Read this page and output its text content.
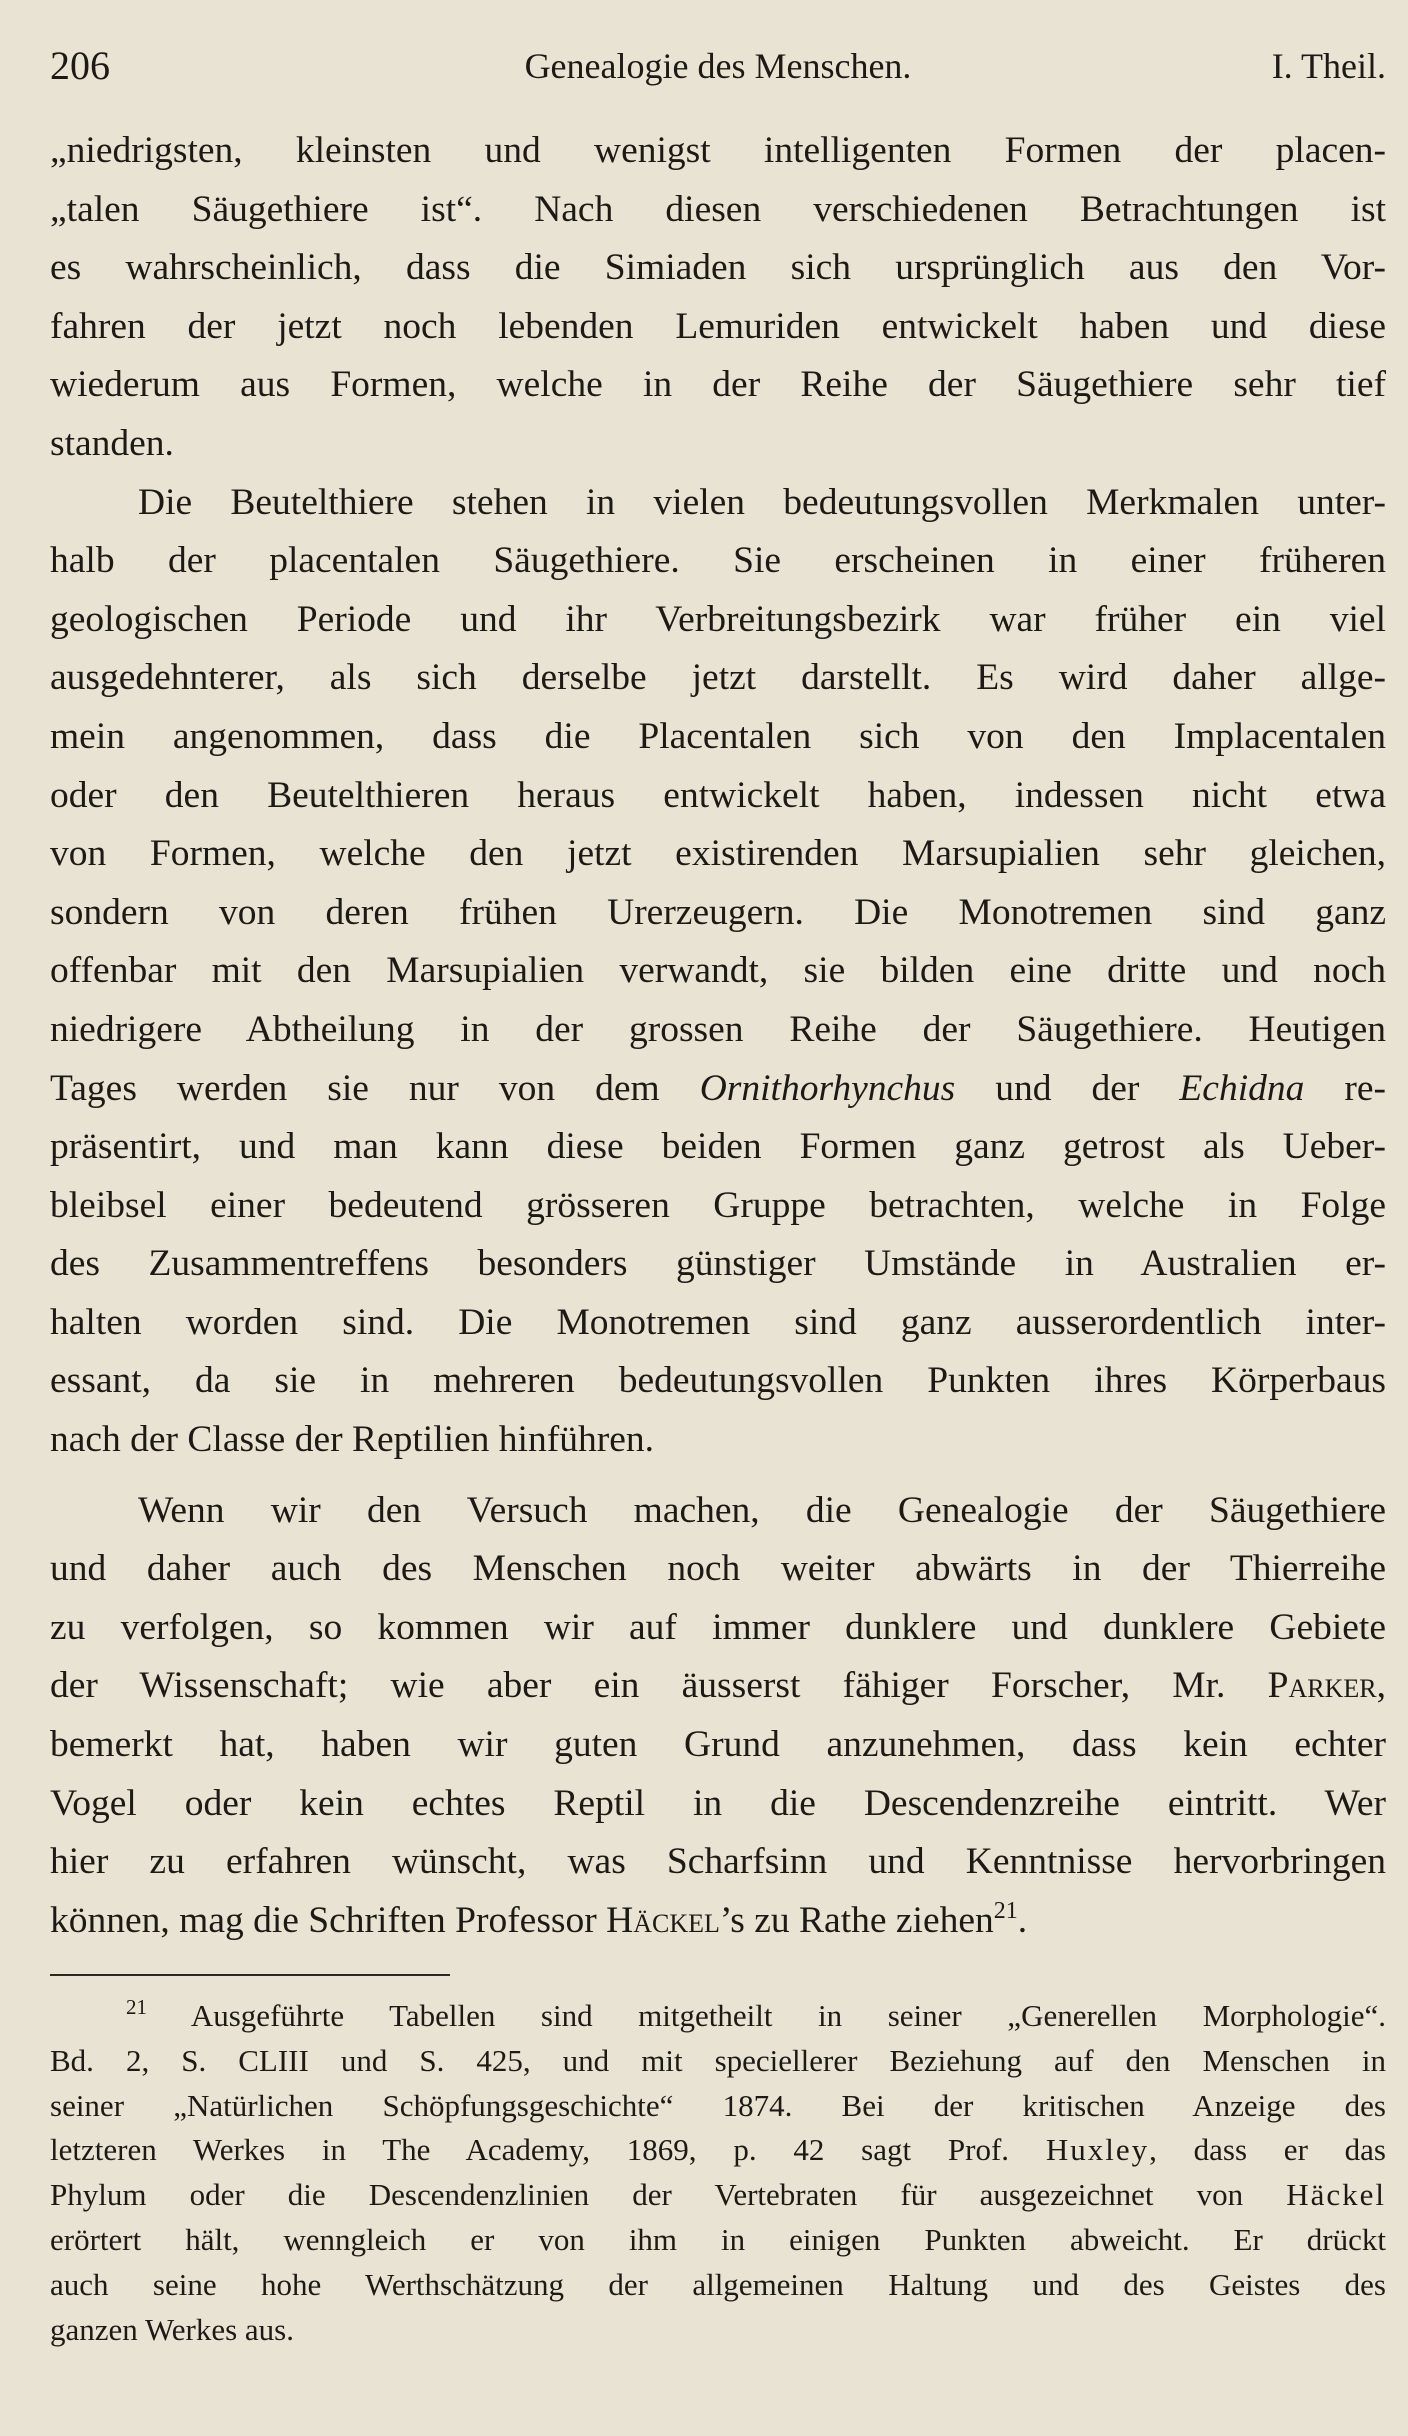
206	Genealogie des Menschen.	I. Theil.
„niedrigsten, kleinsten und wenigst intelligenten Formen der placen-
„talen Säugethiere ist“. Nach diesen verschiedenen Betrachtungen ist
es wahrscheinlich, dass die Simiaden sich ursprünglich aus den Vor-
fahren der jetzt noch lebenden Lemuriden entwickelt haben und diese
wiederum aus Formen, welche in der Reihe der Säugethiere sehr tief
standen.
Die Beutelthiere stehen in vielen bedeutungsvollen Merkmalen unter-
halb der placentalen Säugethiere. Sie erscheinen in einer früheren
geologischen Periode und ihr Verbreitungsbezirk war früher ein viel
ausgedehnterer, als sich derselbe jetzt darstellt. Es wird daher allge-
mein angenommen, dass die Placentalen sich von den Implacentalen
oder den Beutelthieren heraus entwickelt haben, indessen nicht etwa
von Formen, welche den jetzt existirenden Marsupialien sehr gleichen,
sondern von deren frühen Urerzeugern. Die Monotremen sind ganz
offenbar mit den Marsupialien verwandt, sie bilden eine dritte und noch
niedrigere Abtheilung in der grossen Reihe der Säugethiere. Heutigen
Tages werden sie nur von dem Ornithorhynchus und der Echidna re-
präsentirt, und man kann diese beiden Formen ganz getrost als Ueber-
bleibsel einer bedeutend grösseren Gruppe betrachten, welche in Folge
des Zusammentreffens besonders günstiger Umstände in Australien er-
halten worden sind. Die Monotremen sind ganz ausserordentlich inter-
essant, da sie in mehreren bedeutungsvollen Punkten ihres Körperbaus
nach der Classe der Reptilien hinführen.
Wenn wir den Versuch machen, die Genealogie der Säugethiere
und daher auch des Menschen noch weiter abwärts in der Thierreihe
zu verfolgen, so kommen wir auf immer dunklere und dunklere Gebiete
der Wissenschaft; wie aber ein äusserst fähiger Forscher, Mr. Parker,
bemerkt hat, haben wir guten Grund anzunehmen, dass kein echter
Vogel oder kein echtes Reptil in die Descendenzreihe eintritt. Wer
hier zu erfahren wünscht, was Scharfsinn und Kenntnisse hervorbringen
können, mag die Schriften Professor Häckel’s zu Rathe ziehen$^{21}$.
$^{21}$ Ausgeführte Tabellen sind mitgetheilt in seiner „Generellen Morphologie“.
Bd. 2, S. CLIII und S. 425, und mit speciellerer Beziehung auf den Menschen in
seiner „Natürlichen Schöpfungsgeschichte“ 1874. Bei der kritischen Anzeige des
letzteren Werkes in The Academy, 1869, p. 42 sagt Prof. Huxley, dass er das
Phylum oder die Descendenzlinien der Vertebraten für ausgezeichnet von Häckel
erörtert hält, wenngleich er von ihm in einigen Punkten abweicht. Er drückt
auch seine hohe Werthschätzung der allgemeinen Haltung und des Geistes des
ganzen Werkes aus.
